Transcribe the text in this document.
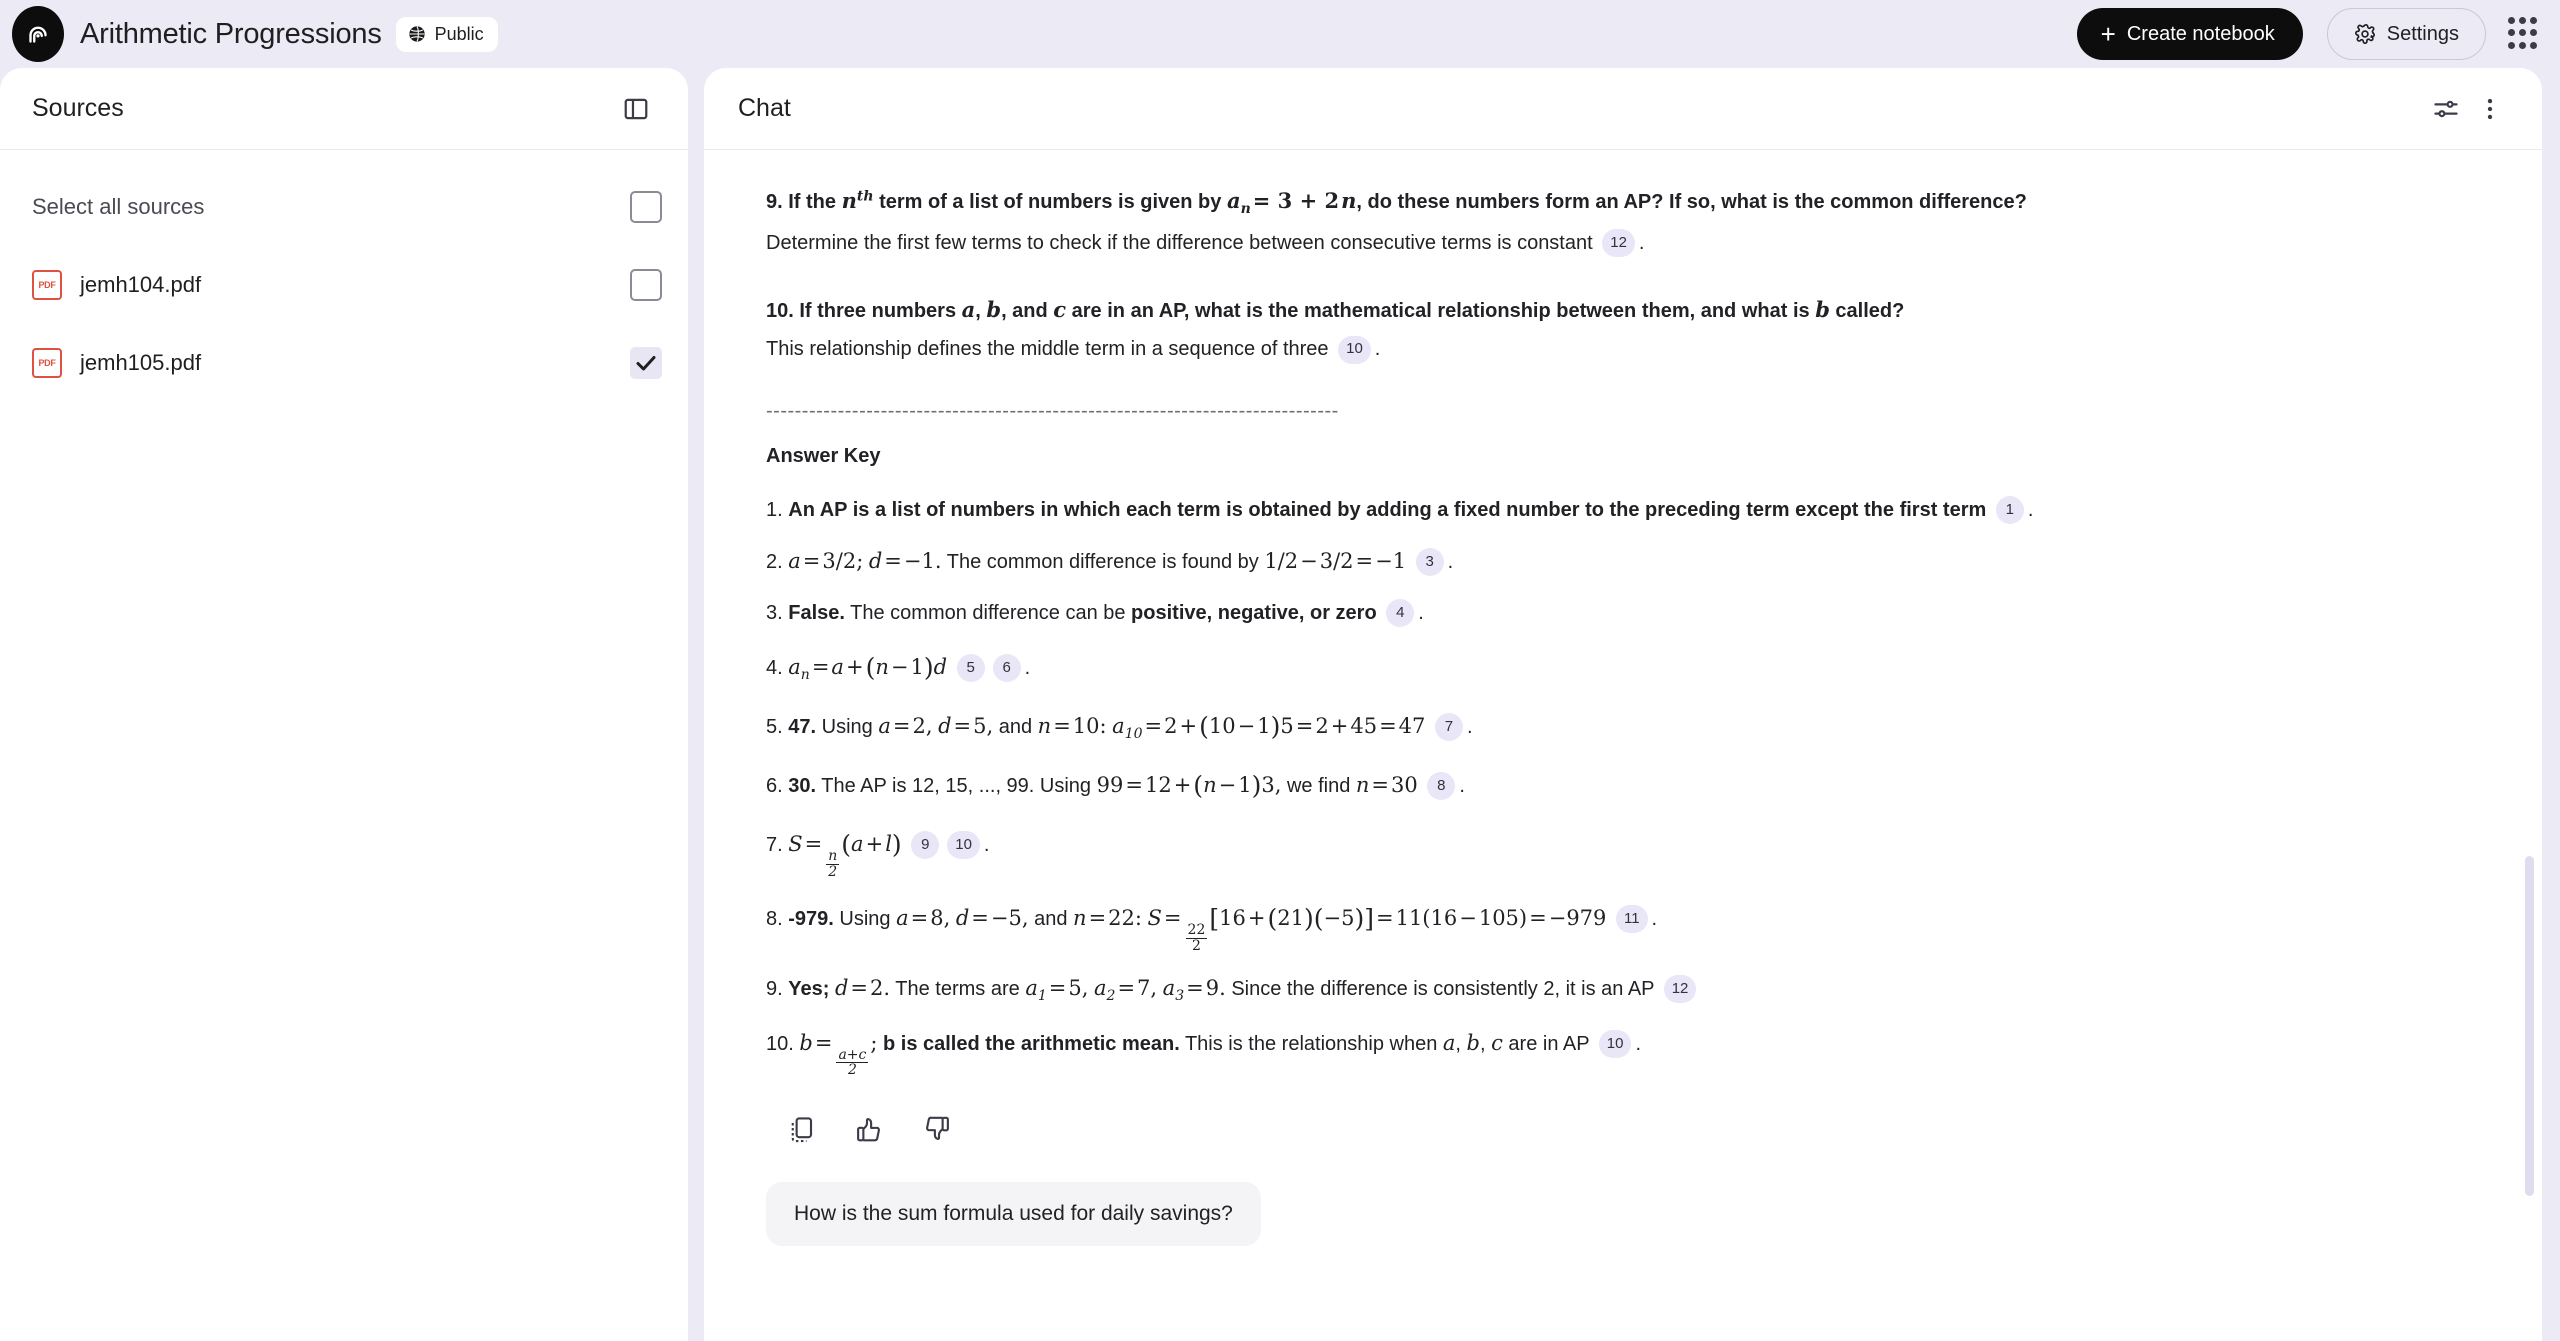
Arithmetic Progressions	Public	+ Create notebook	Settings
Sources
Select all sources
PDF jemh104.pdf
PDF jemh105.pdf
Chat
9. If the $n^{th}$ term of a list of numbers is given by $a_n= 3 + 2n$, do these numbers form an AP? If so, what is the common difference?
Determine the first few terms to check if the difference between consecutive terms is constant 12 .
10. If three numbers a, b, and c are in an AP, what is the mathematical relationship between them, and what is b called?
This relationship defines the middle term in a sequence of three 10 .
--------------------------------------------------------------------------------
Answer Key
1. An AP is a list of numbers in which each term is obtained by adding a fixed number to the preceding term except the first term 1 .
2. a=3/2; d=−1. The common difference is found by 1/2−3/2=−1 3 .
3. False. The common difference can be positive, negative, or zero 4 .
4. $a_n=a+(n-1)d$ 5 6 .
5. 47. Using a=2, d=5, and n=10: $a_{10}=2+(10-1)5=2+45=47$ 7 .
6. 30. The AP is 12, 15, ..., 99. Using 99=12+(n−1)3, we find n=30 8 .
7. S=
$\frac{n}{2}$
(a+l) 9 10 .
8. -979. Using a=8, d=−5, and n=22: S=
$\frac{22}{2}$
[16+(21)(−5)]=11(16−105)=−979 11 .
9. Yes; d=2. The terms are $a_1=5$, $a_2=7$, $a_3=9$. Since the difference is consistently 2, it is an AP 12
10. b=
$\frac{a+c}{2}$
; b is called the arithmetic mean. This is the relationship when a, b, c are in AP 10 .
How is the sum formula used for daily savings?
